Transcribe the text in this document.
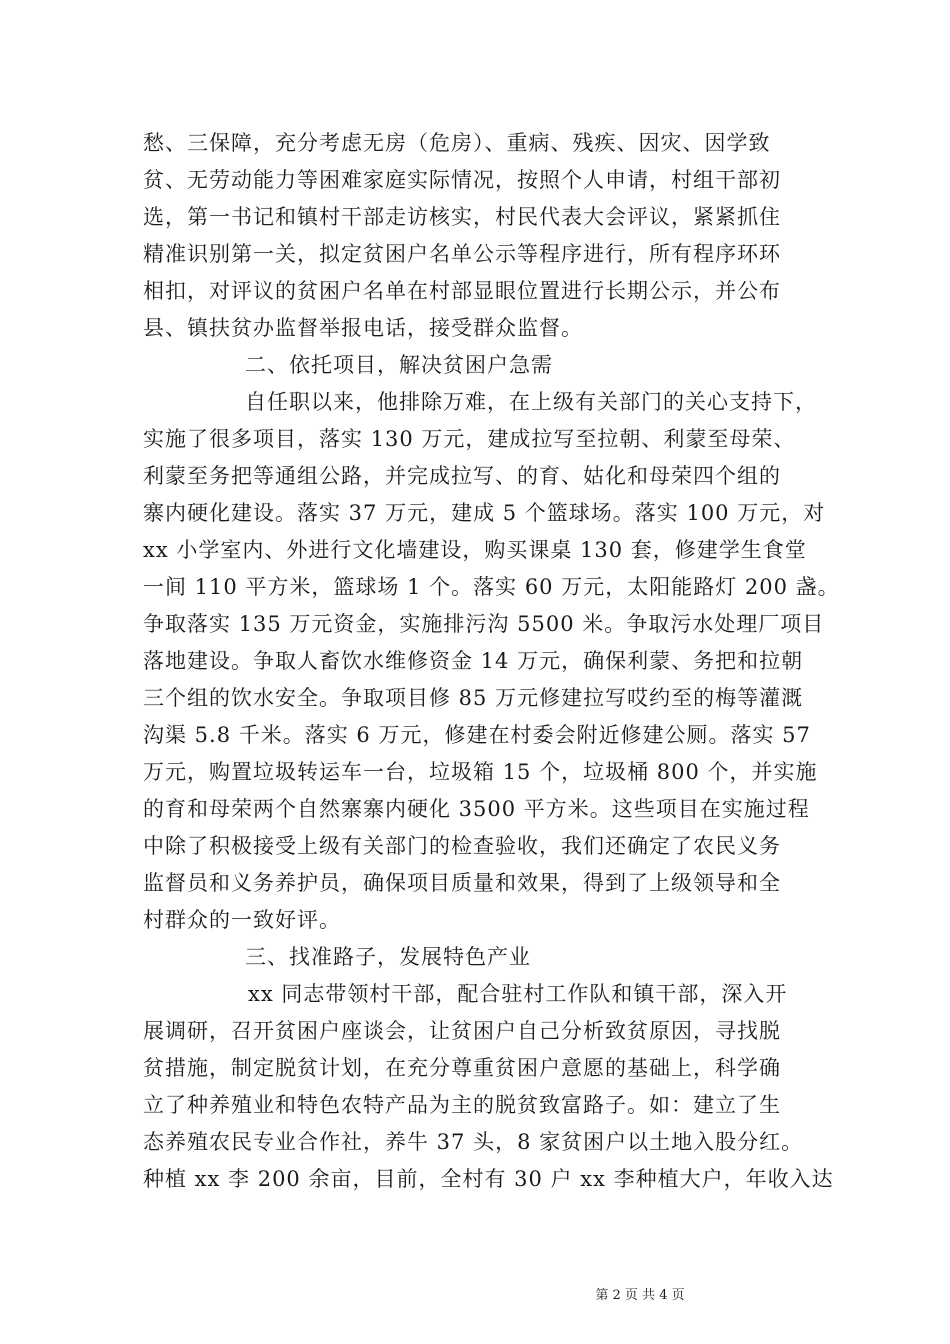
愁、三保障，充分考虑无房（危房）、重病、残疾、因灾、因学致
贫、无劳动能力等困难家庭实际情况，按照个人申请，村组干部初
选，第一书记和镇村干部走访核实，村民代表大会评议，紧紧抓住
精准识别第一关，拟定贫困户名单公示等程序进行，所有程序环环
相扣，对评议的贫困户名单在村部显眼位置进行长期公示，并公布
县、镇扶贫办监督举报电话，接受群众监督。
二、依托项目，解决贫困户急需
自任职以来，他排除万难，在上级有关部门的关心支持下，
实施了很多项目，落实 130 万元，建成拉写至拉朝、利蒙至母荣、
利蒙至务把等通组公路，并完成拉写、的育、姑化和母荣四个组的
寨内硬化建设。落实 37 万元，建成 5 个篮球场。落实 100 万元，对
xx 小学室内、外进行文化墙建设，购买课桌 130 套，修建学生食堂
一间 110 平方米，篮球场 1 个。落实 60 万元，太阳能路灯 200 盏。
争取落实 135 万元资金，实施排污沟 5500 米。争取污水处理厂项目
落地建设。争取人畜饮水维修资金 14 万元，确保利蒙、务把和拉朝
三个组的饮水安全。争取项目修 85 万元修建拉写哎约至的梅等灌溉
沟渠 5.8 千米。落实 6 万元，修建在村委会附近修建公厕。落实 57
万元，购置垃圾转运车一台，垃圾箱 15 个，垃圾桶 800 个，并实施
的育和母荣两个自然寨寨内硬化 3500 平方米。这些项目在实施过程
中除了积极接受上级有关部门的检查验收，我们还确定了农民义务
监督员和义务养护员，确保项目质量和效果，得到了上级领导和全
村群众的一致好评。
三、找准路子，发展特色产业
xx 同志带领村干部，配合驻村工作队和镇干部，深入开
展调研，召开贫困户座谈会，让贫困户自己分析致贫原因，寻找脱
贫措施，制定脱贫计划，在充分尊重贫困户意愿的基础上，科学确
立了种养殖业和特色农特产品为主的脱贫致富路子。如：建立了生
态养殖农民专业合作社，养牛 37 头，8 家贫困户以土地入股分红。
种植 xx 李 200 余亩，目前，全村有 30 户 xx 李种植大户，年收入达
第 2 页 共 4 页
